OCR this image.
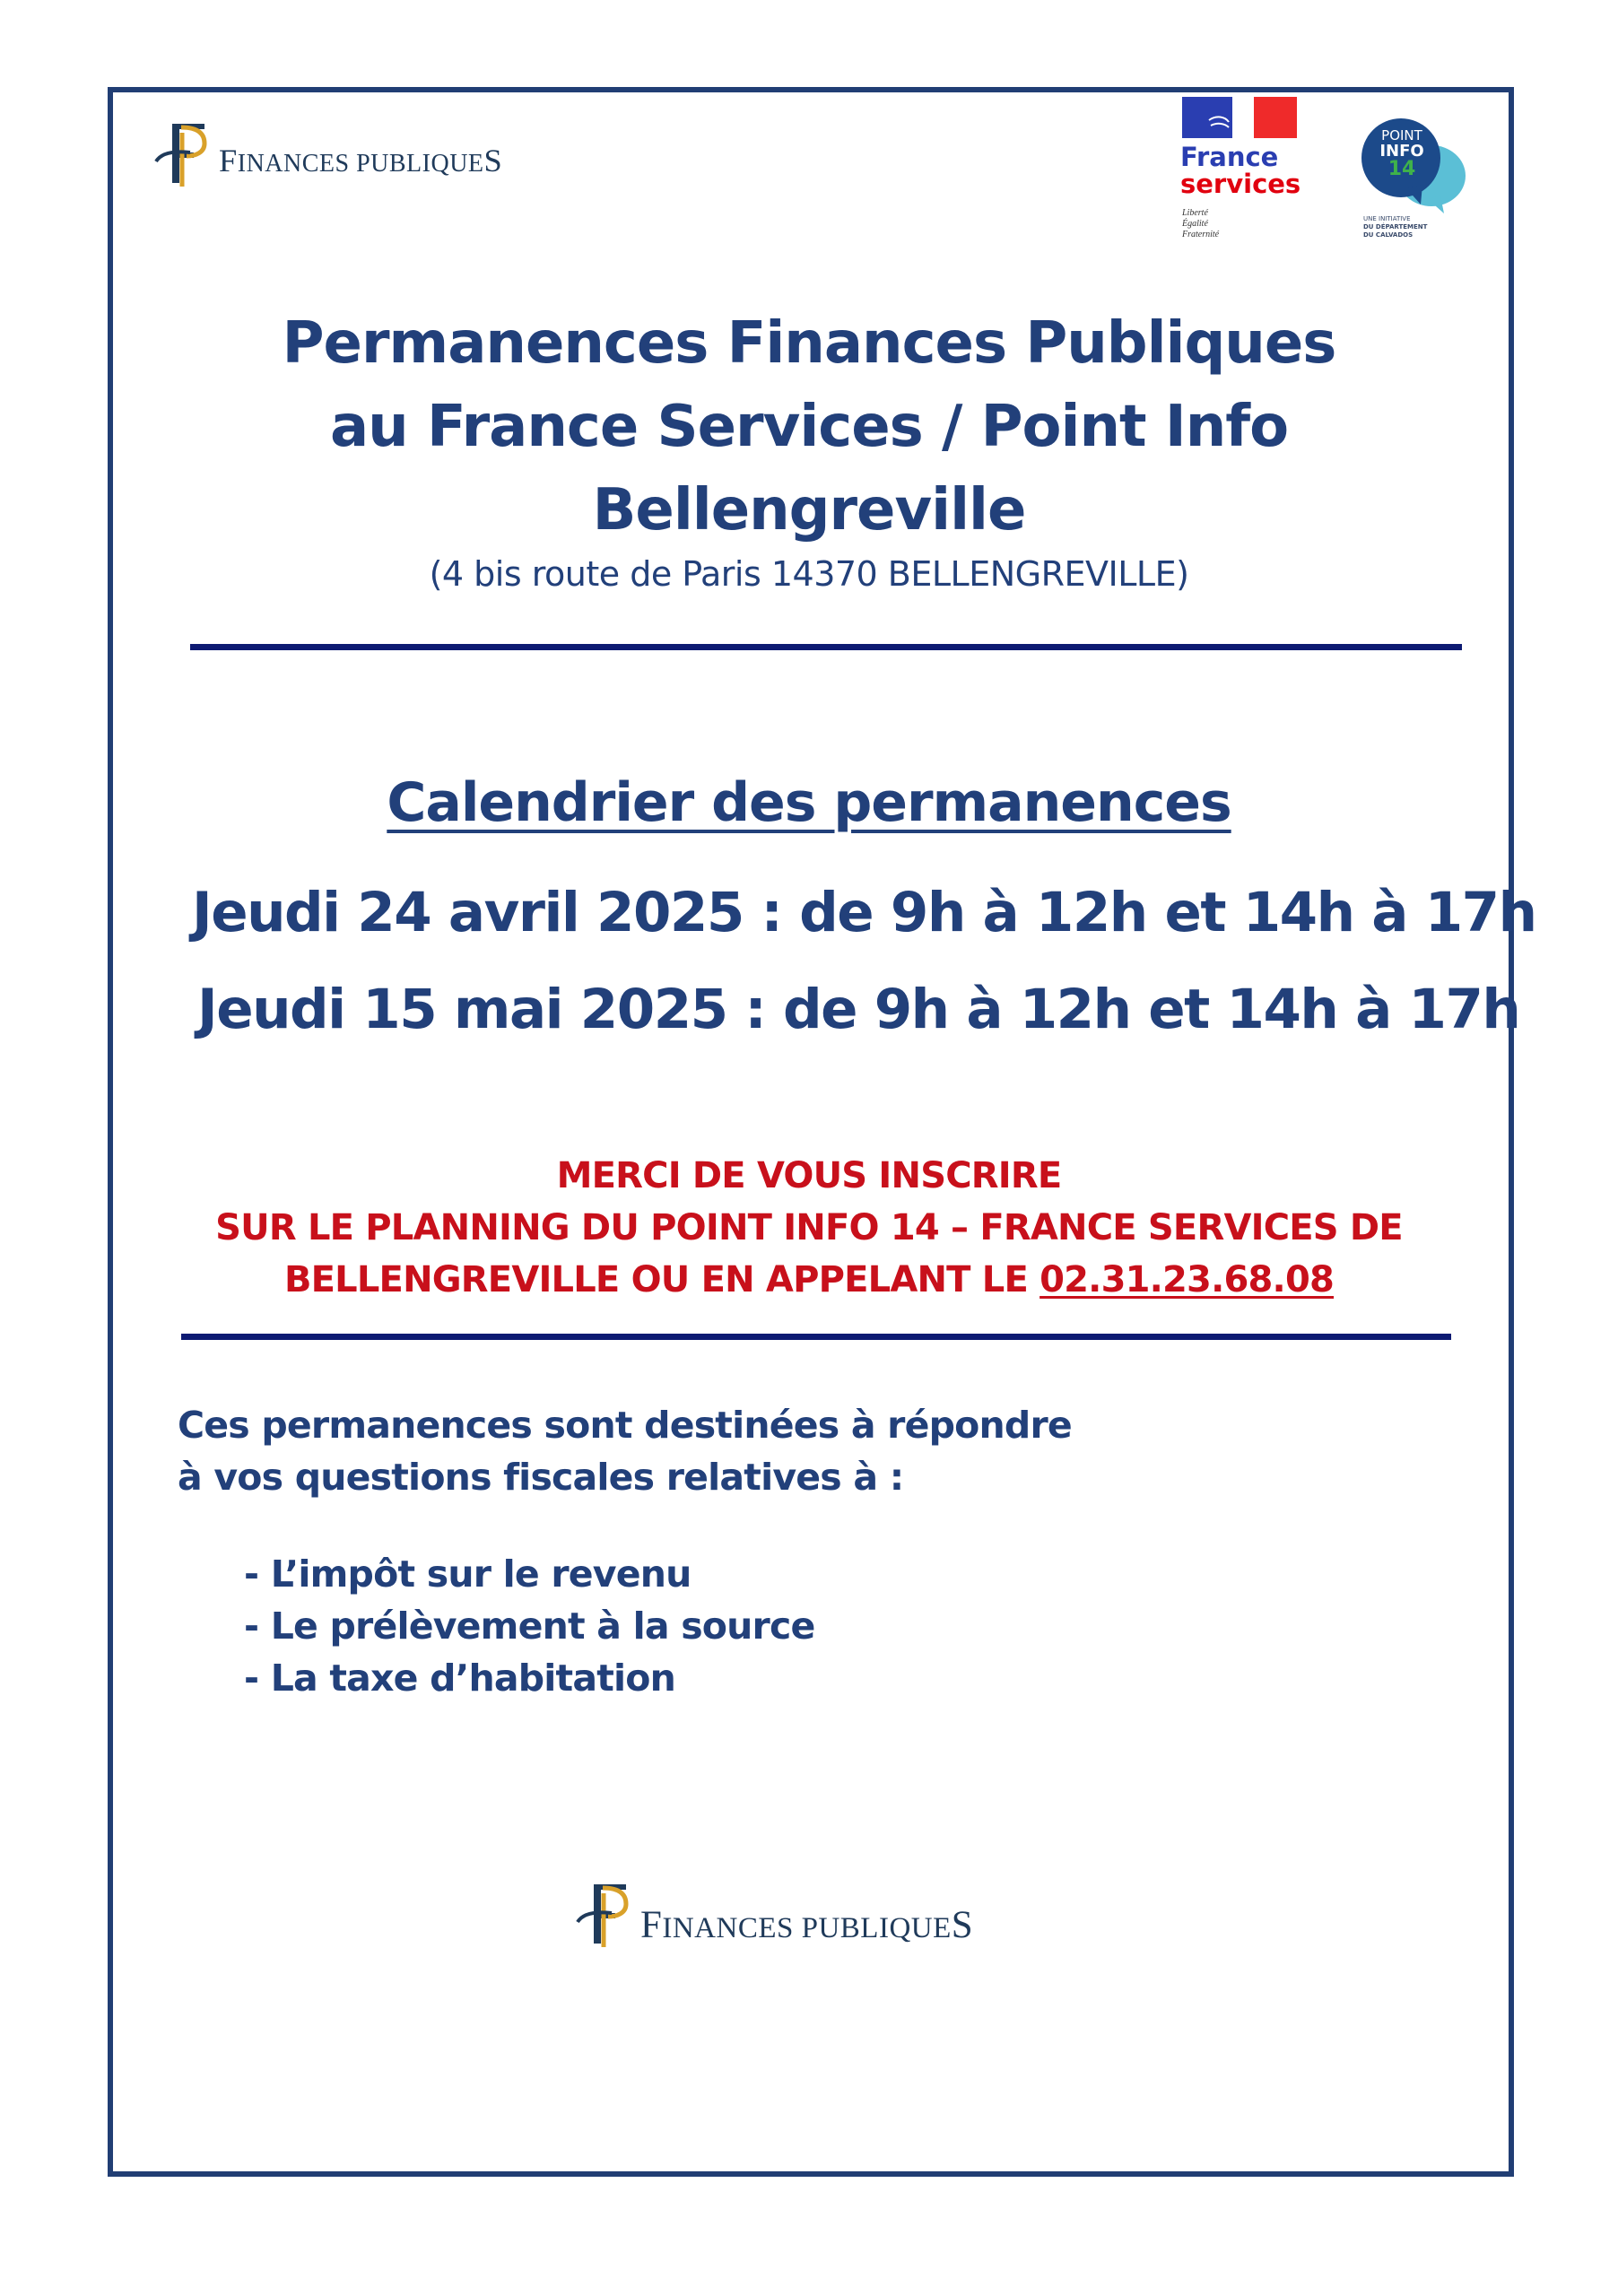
FINANCES PUBLIQUES	France
services
Liberté
Égalité
Fraternité
POINT
INFO
14
UNE INITIATIVE
DU DÉPARTEMENT
DU CALVADOS
Permanences Finances Publiques
au France Services / Point Info
Bellengreville
(4 bis route de Paris 14370 BELLENGREVILLE)
Calendrier des permanences
Jeudi 24 avril 2025 : de 9h à 12h et 14h à 17h
Jeudi 15 mai 2025 : de 9h à 12h et 14h à 17h
MERCI DE VOUS INSCRIRE
SUR LE PLANNING DU POINT INFO 14 – FRANCE SERVICES DE
BELLENGREVILLE OU EN APPELANT LE 02.31.23.68.08
Ces permanences sont destinées à répondre
à vos questions fiscales relatives à :
- L’impôt sur le revenu
- Le prélèvement à la source
- La taxe d’habitation
FINANCES PUBLIQUES
